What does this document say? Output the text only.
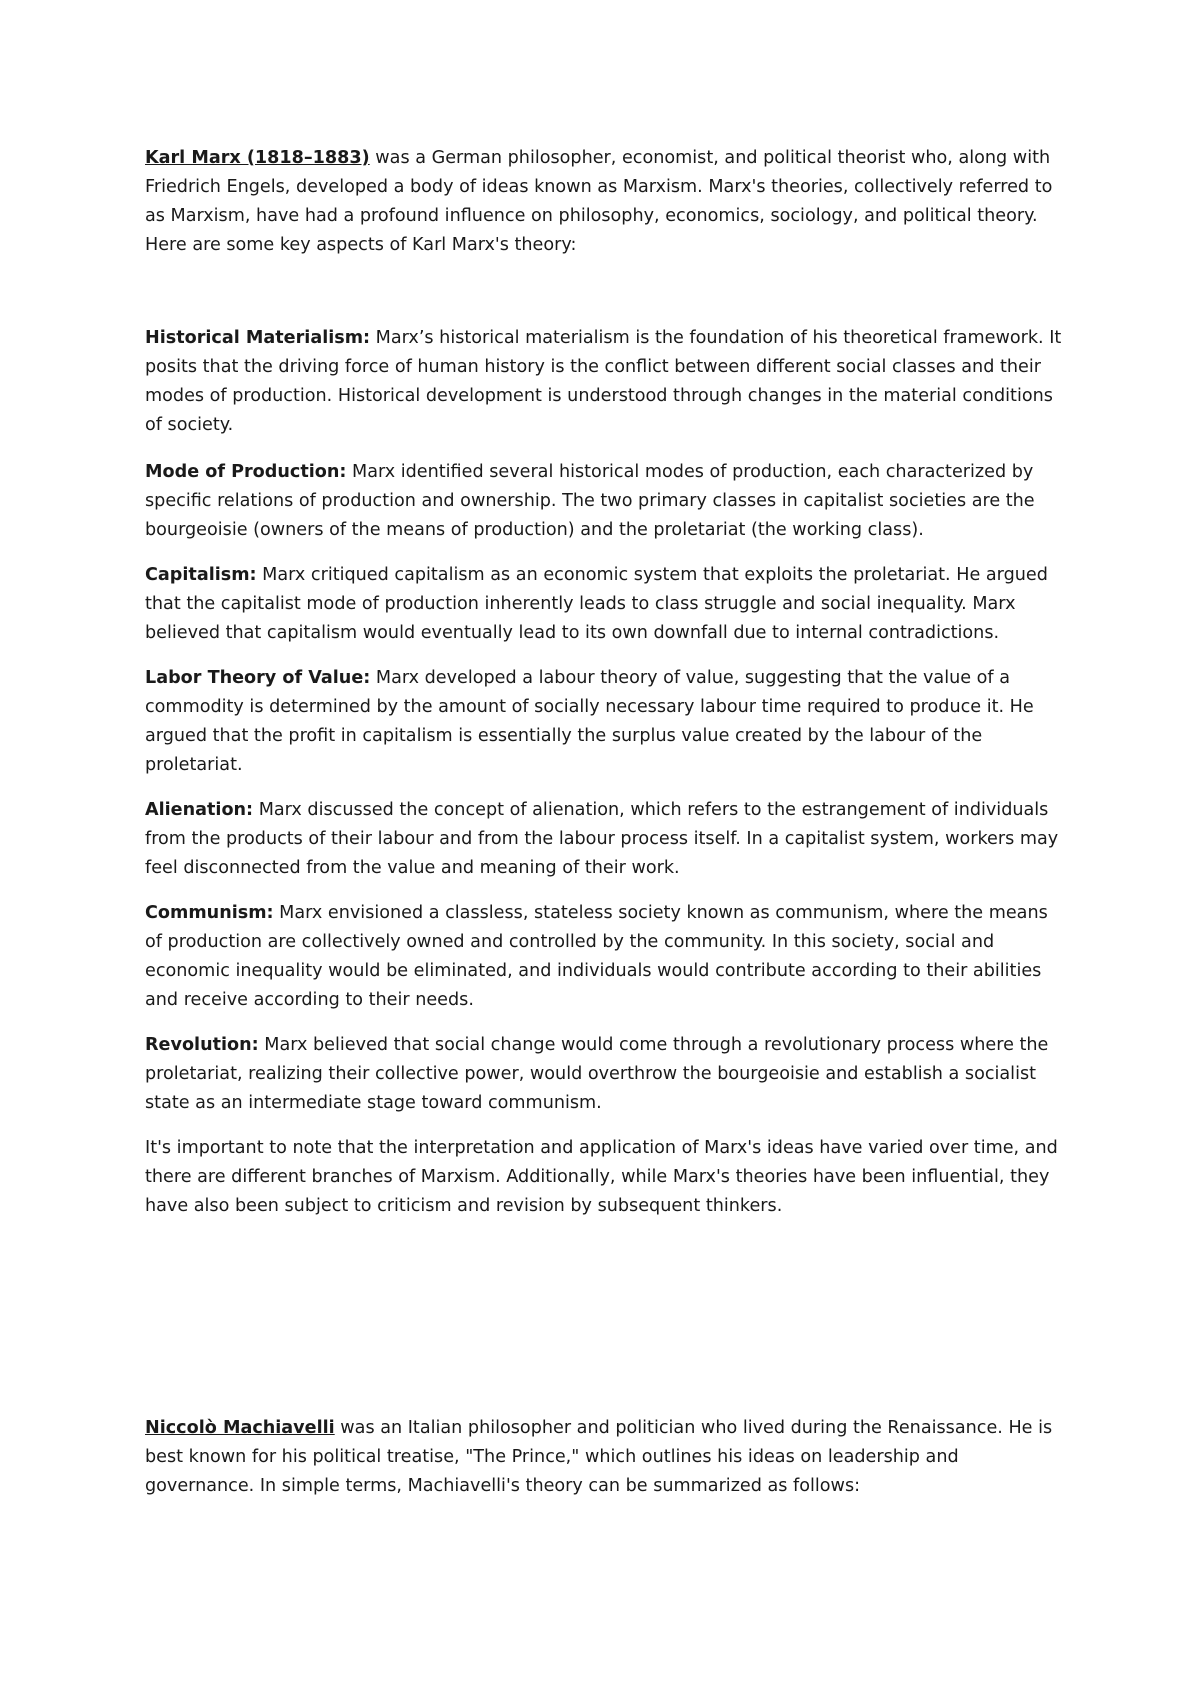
Karl Marx (1818–1883) was a German philosopher, economist, and political theorist who, along with Friedrich Engels, developed a body of ideas known as Marxism. Marx's theories, collectively referred to as Marxism, have had a profound influence on philosophy, economics, sociology, and political theory. Here are some key aspects of Karl Marx's theory:

Historical Materialism: Marx’s historical materialism is the foundation of his theoretical framework. It posits that the driving force of human history is the conflict between different social classes and their modes of production. Historical development is understood through changes in the material conditions of society.

Mode of Production: Marx identified several historical modes of production, each characterized by specific relations of production and ownership. The two primary classes in capitalist societies are the bourgeoisie (owners of the means of production) and the proletariat (the working class).

Capitalism: Marx critiqued capitalism as an economic system that exploits the proletariat. He argued that the capitalist mode of production inherently leads to class struggle and social inequality. Marx believed that capitalism would eventually lead to its own downfall due to internal contradictions.

Labor Theory of Value: Marx developed a labour theory of value, suggesting that the value of a commodity is determined by the amount of socially necessary labour time required to produce it. He argued that the profit in capitalism is essentially the surplus value created by the labour of the proletariat.

Alienation: Marx discussed the concept of alienation, which refers to the estrangement of individuals from the products of their labour and from the labour process itself. In a capitalist system, workers may feel disconnected from the value and meaning of their work.

Communism: Marx envisioned a classless, stateless society known as communism, where the means of production are collectively owned and controlled by the community. In this society, social and economic inequality would be eliminated, and individuals would contribute according to their abilities and receive according to their needs.

Revolution: Marx believed that social change would come through a revolutionary process where the proletariat, realizing their collective power, would overthrow the bourgeoisie and establish a socialist state as an intermediate stage toward communism.

It's important to note that the interpretation and application of Marx's ideas have varied over time, and there are different branches of Marxism. Additionally, while Marx's theories have been influential, they have also been subject to criticism and revision by subsequent thinkers.

Niccolò Machiavelli was an Italian philosopher and politician who lived during the Renaissance. He is best known for his political treatise, "The Prince," which outlines his ideas on leadership and governance. In simple terms, Machiavelli's theory can be summarized as follows:
